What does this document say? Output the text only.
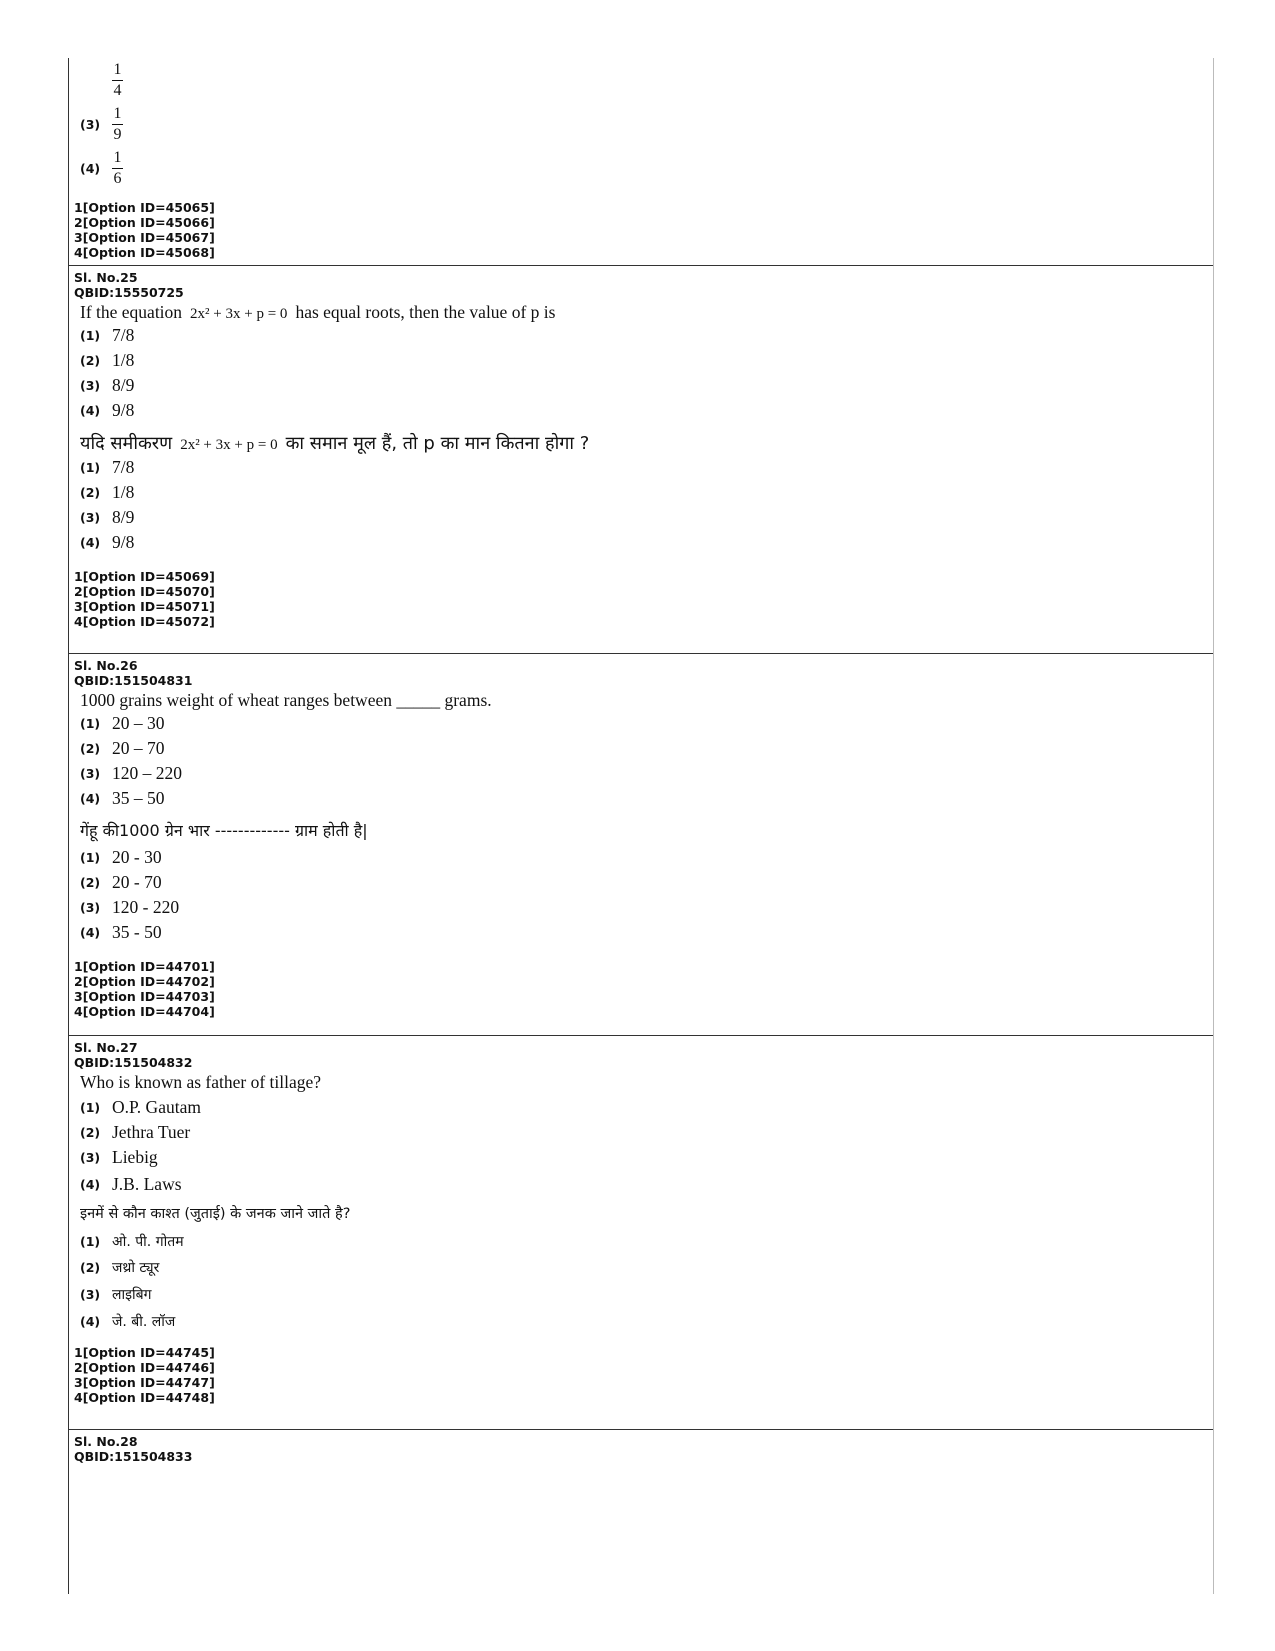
$\frac{1}{4}$
$(3) \frac{1}{9}$
$(4) \frac{1}{6}$
1[Option ID=45065]
2[Option ID=45066]
3[Option ID=45067]
4[Option ID=45068]
Sl. No.25
QBID:15550725
If the equation 2x² + 3x + p = 0 has equal roots, then the value of p is
(1) 7/8
(2) 1/8
(3) 8/9
(4) 9/8
यदि समीकरण 2x² + 3x + p = 0 का समान मूल हैं, तो p का मान कितना होगा ?
(1) 7/8
(2) 1/8
(3) 8/9
(4) 9/8
1[Option ID=45069]
2[Option ID=45070]
3[Option ID=45071]
4[Option ID=45072]
Sl. No.26
QBID:151504831
1000 grains weight of wheat ranges between _____ grams.
(1) 20 – 30
(2) 20 – 70
(3) 120 – 220
(4) 35 – 50
गेंहू की1000 ग्रेन भार ------------- ग्राम होती है|
(1) 20 - 30
(2) 20 - 70
(3) 120 - 220
(4) 35 - 50
1[Option ID=44701]
2[Option ID=44702]
3[Option ID=44703]
4[Option ID=44704]
Sl. No.27
QBID:151504832
Who is known as father of tillage?
(1) O.P. Gautam
(2) Jethra Tuer
(3) Liebig
(4) J.B. Laws
इनमें से कौन काश्त (जुताई) के जनक जाने जाते है?
(1) ओ. पी. गोतम
(2) जथ्रो ट्यूर
(3) लाइबिग
(4) जे. बी. लॉज
1[Option ID=44745]
2[Option ID=44746]
3[Option ID=44747]
4[Option ID=44748]
Sl. No.28
QBID:151504833
